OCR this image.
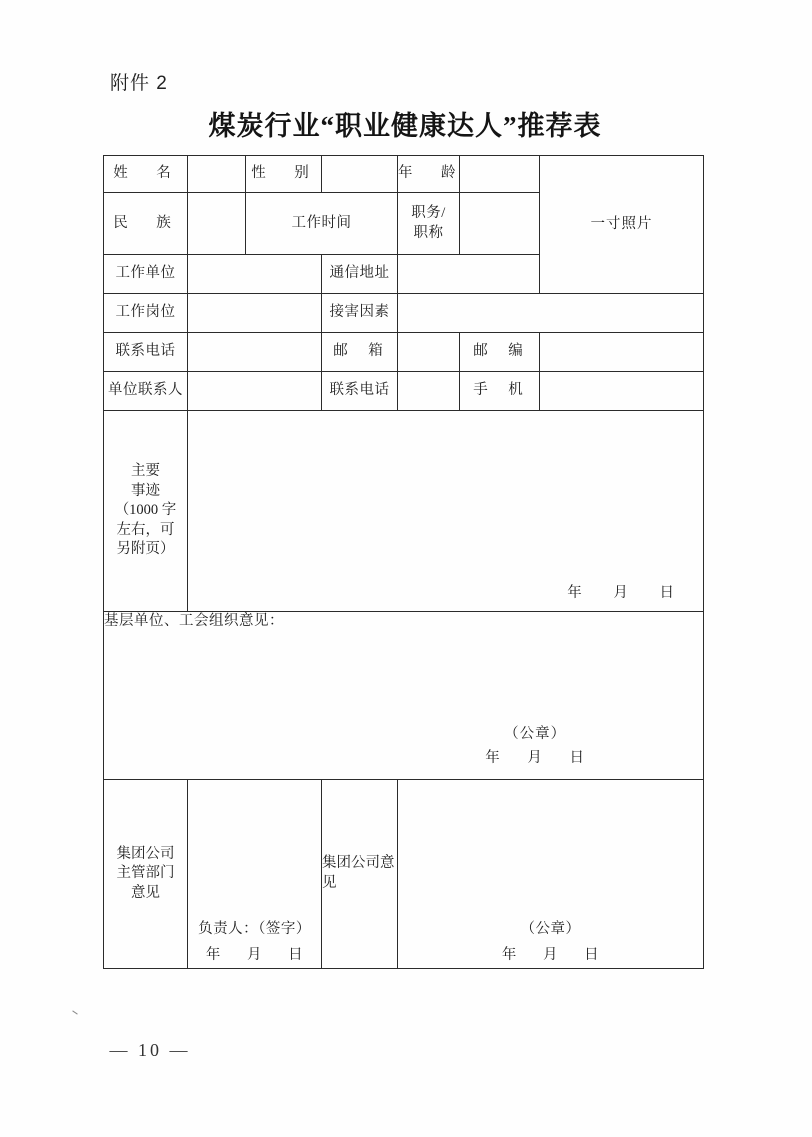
附件 2
煤炭行业“职业健康达人”推荐表
姓　名		性　别		年　龄		一寸照片
民　族		工作时间		职务/
职称		

工作单位			通信地址			
工作岗位			接害因素			
联系电话			邮　箱		邮　编	
单位联系人			联系电话		手　机	

主要
事迹
（1000 字
左右，可
另附页）	年 月 日					

基层单位、工会组织意见：
（公章）
年 月 日						

集团公司
主管部门
意见

负责人：（签字）
年 月 日
	集团公司意见	
（公章）
年 月 日
— 10 —
